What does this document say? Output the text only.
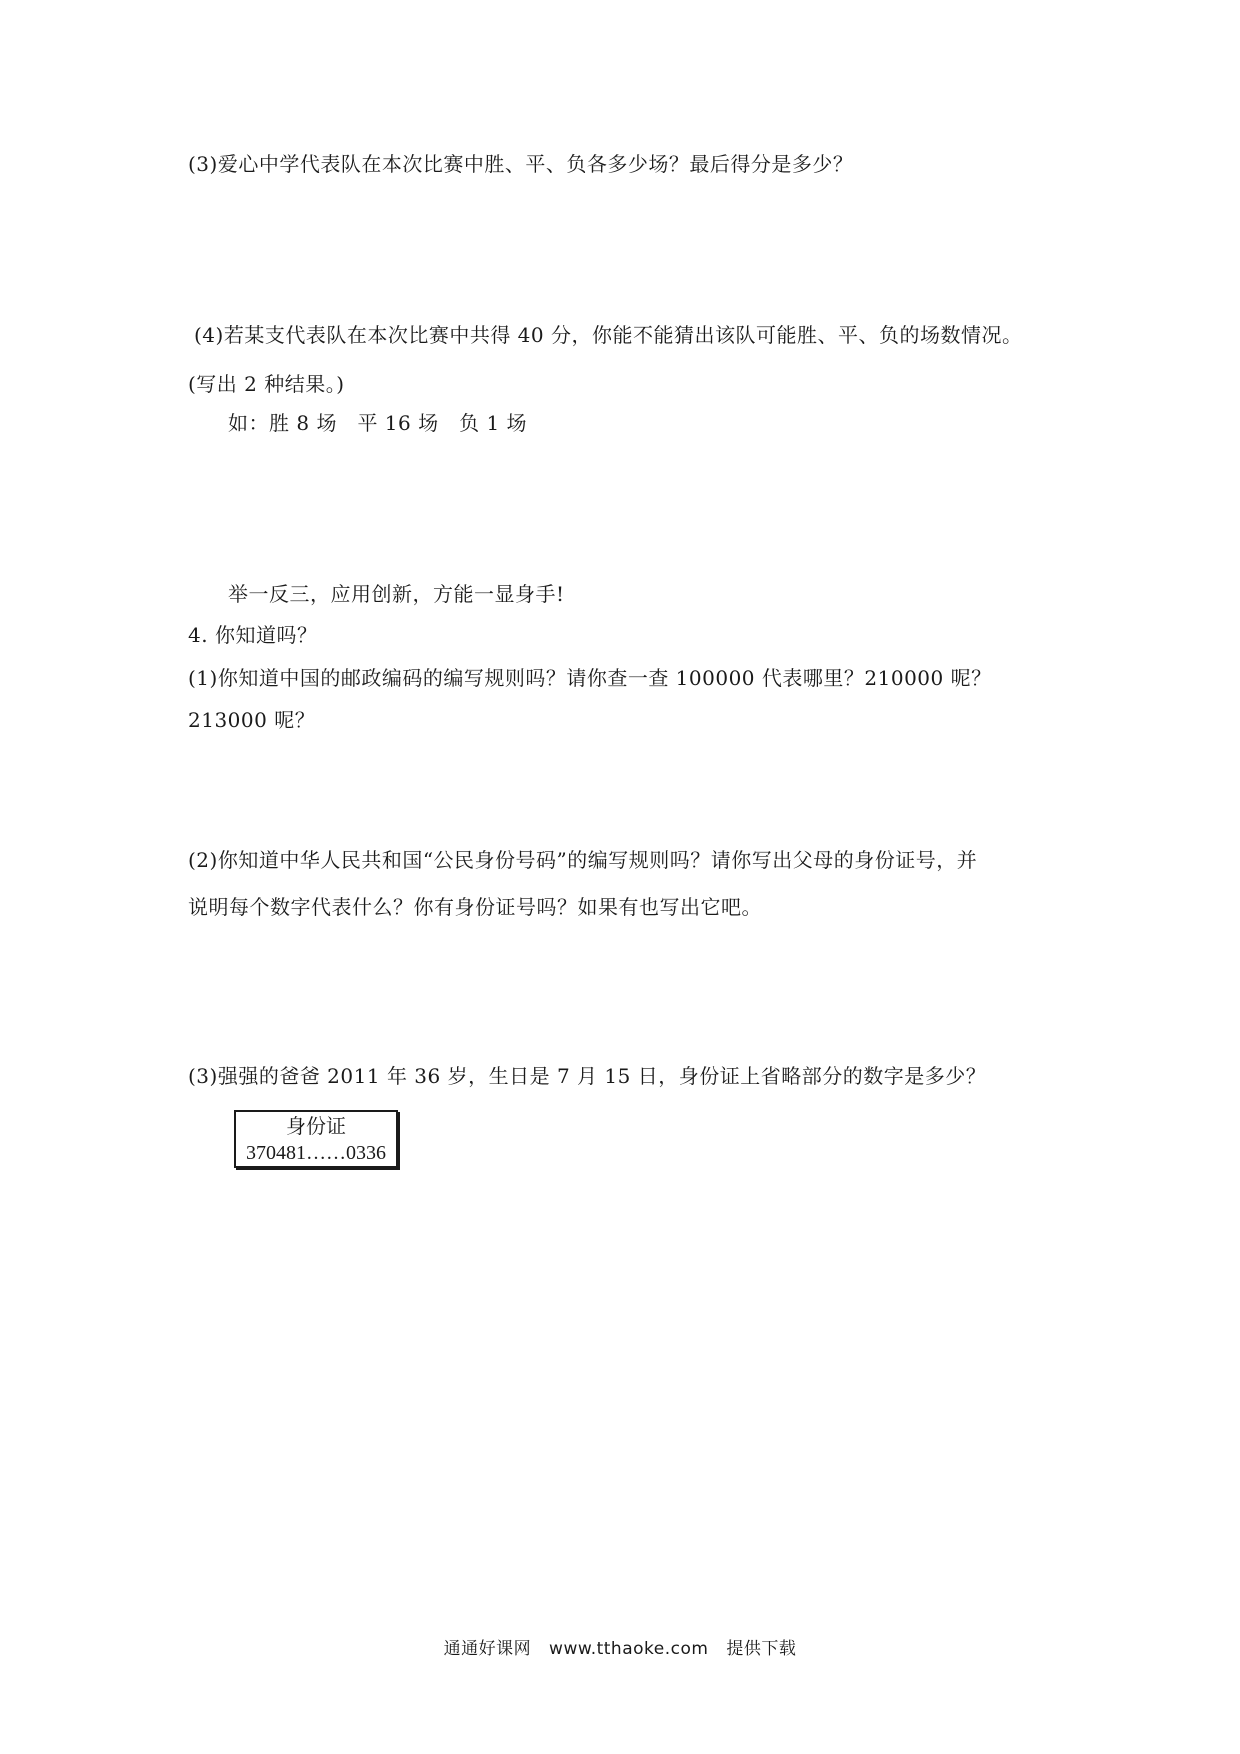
(3)爱心中学代表队在本次比赛中胜、平、负各多少场？最后得分是多少？
(4)若某支代表队在本次比赛中共得 40 分，你能不能猜出该队可能胜、平、负的场数情况。
(写出 2 种结果。)
如：胜 8 场　平 16 场　负 1 场
举一反三，应用创新，方能一显身手!
4. 你知道吗？
(1)你知道中国的邮政编码的编写规则吗？请你查一查 100000 代表哪里？210000 呢？
213000 呢？
(2)你知道中华人民共和国“公民身份号码”的编写规则吗？请你写出父母的身份证号，并
说明每个数字代表什么？你有身份证号吗？如果有也写出它吧。
(3)强强的爸爸 2011 年 36 岁，生日是 7 月 15 日，身份证上省略部分的数字是多少？
身份证
370481……0336
通通好课网 www.tthaoke.com 提供下载
